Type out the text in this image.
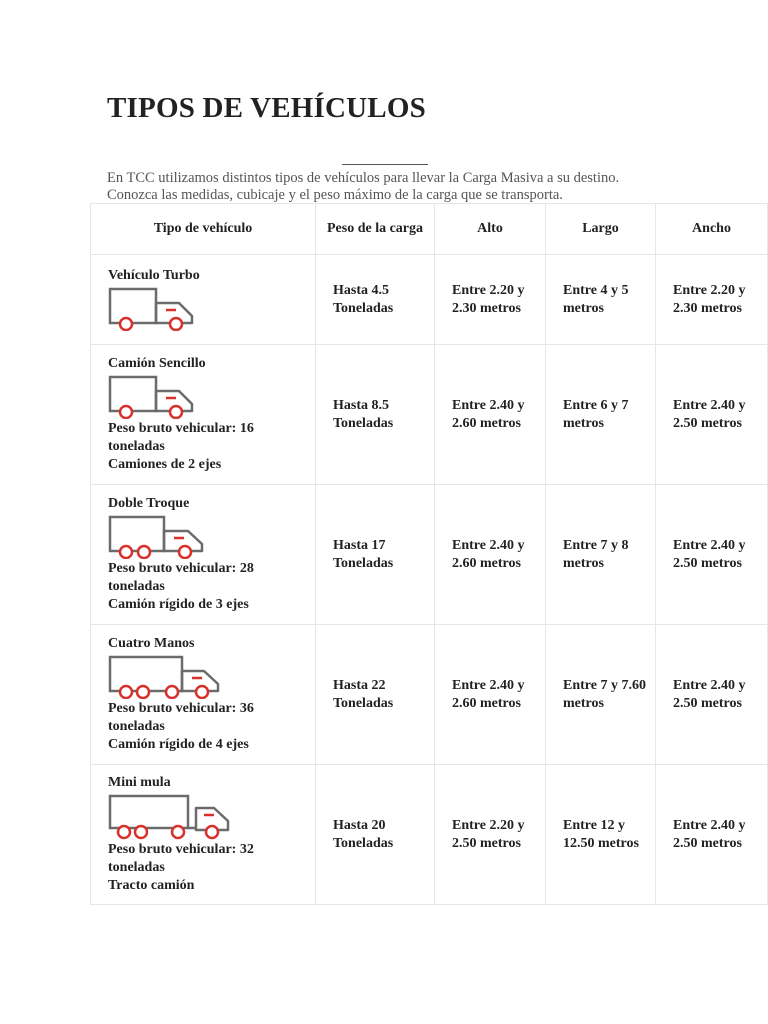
TIPOS DE VEHÍCULOS

En TCC utilizamos distintos tipos de vehículos para llevar la Carga Masiva a su destino.
Conozca las medidas, cubicaje y el peso máximo de la carga que se transporta.

Tipo de vehículo	Peso de la carga	Alto	Largo	Ancho

Vehículo Turbo	Hasta 4.5 Toneladas	Entre 2.20 y 2.30 metros	Entre 4 y 5 metros	Entre 2.20 y 2.30 metros

Camión Sencillo
Peso bruto vehicular: 16 toneladas
Camiones de 2 ejes	Hasta 8.5 Toneladas	Entre 2.40 y 2.60 metros	Entre 6 y 7 metros	Entre 2.40 y 2.50 metros

Doble Troque
Peso bruto vehicular: 28 toneladas
Camión rígido de 3 ejes	Hasta 17 Toneladas	Entre 2.40 y 2.60 metros	Entre 7 y 8 metros	Entre 2.40 y 2.50 metros

Cuatro Manos
Peso bruto vehicular: 36 toneladas
Camión rígido de 4 ejes	Hasta 22 Toneladas	Entre 2.40 y 2.60 metros	Entre 7 y 7.60 metros	Entre 2.40 y 2.50 metros

Mini mula
Peso bruto vehicular: 32 toneladas
Tracto camión	Hasta 20 Toneladas	Entre 2.20 y 2.50 metros	Entre 12 y 12.50 metros	Entre 2.40 y 2.50 metros
